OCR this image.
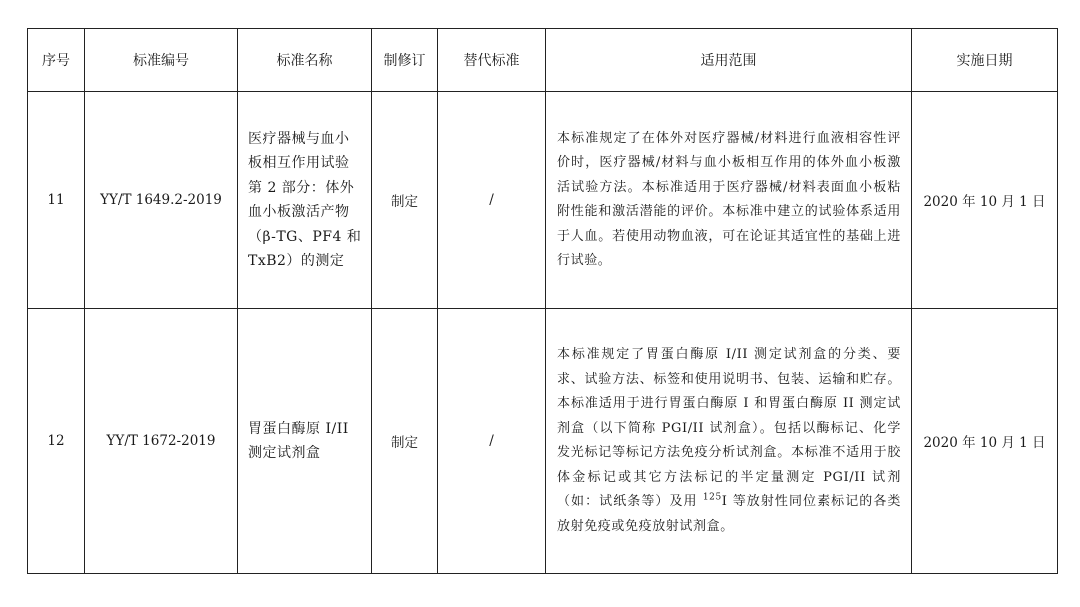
序号	标准编号	标准名称	制修订	替代标准	适用范围	实施日期
11	YY/T 1649.2-2019	医疗器械与血小板相互作用试验 第 2 部分：体外血小板激活产物（β-TG、PF4 和 TxB2）的测定	制定	/	本标准规定了在体外对医疗器械/材料进行血液相容性评价时，医疗器械/材料与血小板相互作用的体外血小板激活试验方法。本标准适用于医疗器械/材料表面血小板粘附性能和激活潜能的评价。本标准中建立的试验体系适用于人血。若使用动物血液，可在论证其适宜性的基础上进行试验。	2020 年 10 月 1 日
12	YY/T 1672-2019	胃蛋白酶原 I/II 测定试剂盒	制定	/	本标准规定了胃蛋白酶原 I/II 测定试剂盒的分类、要求、试验方法、标签和使用说明书、包装、运输和贮存。本标准适用于进行胃蛋白酶原 I 和胃蛋白酶原 II 测定试剂盒（以下简称 PGI/II 试剂盒）。包括以酶标记、化学发光标记等标记方法免疫分析试剂盒。本标准不适用于胶体金标记或其它方法标记的半定量测定 PGI/II 试剂（如：试纸条等）及用 $^{125}$I 等放射性同位素标记的各类放射免疫或免疫放射试剂盒。	2020 年 10 月 1 日
